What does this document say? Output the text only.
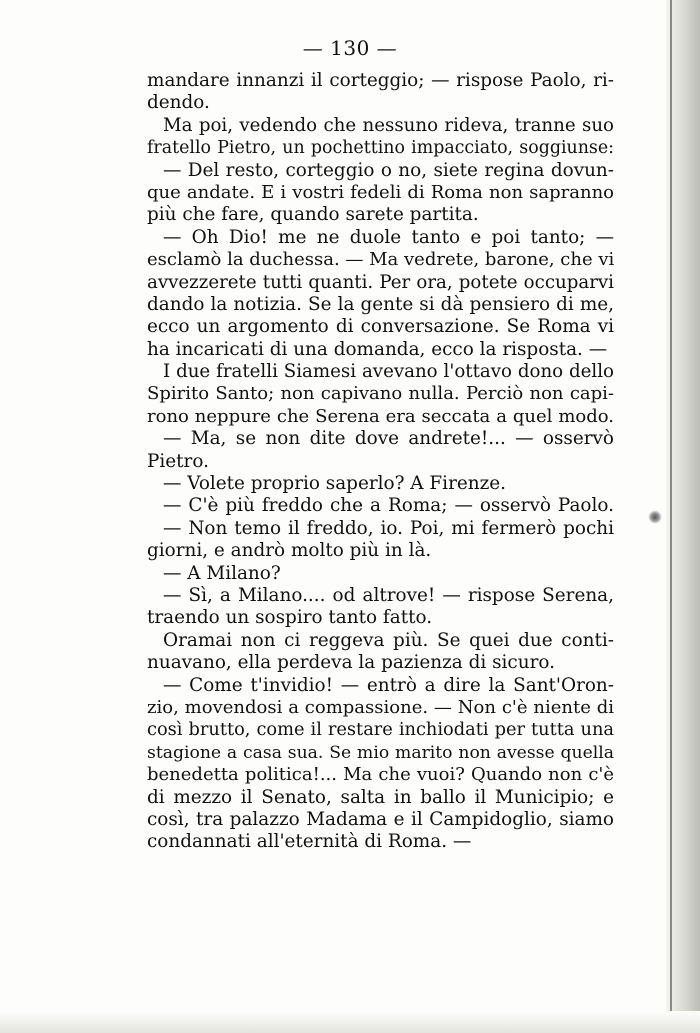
— 130 —
mandare innanzi il corteggio; — rispose Paolo, ri-
dendo.
Ma poi, vedendo che nessuno rideva, tranne suo
fratello Pietro, un pochettino impacciato, soggiunse:
— Del resto, corteggio o no, siete regina dovun-
que andate. E i vostri fedeli di Roma non sapranno
più che fare, quando sarete partita.
— Oh Dio! me ne duole tanto e poi tanto; —
esclamò la duchessa. — Ma vedrete, barone, che vi
avvezzerete tutti quanti. Per ora, potete occuparvi
dando la notizia. Se la gente si dà pensiero di me,
ecco un argomento di conversazione. Se Roma vi
ha incaricati di una domanda, ecco la risposta. —
I due fratelli Siamesi avevano l'ottavo dono dello
Spirito Santo; non capivano nulla. Perciò non capi-
rono neppure che Serena era seccata a quel modo.
— Ma, se non dite dove andrete!... — osservò
Pietro.
— Volete proprio saperlo? A Firenze.
— C'è più freddo che a Roma; — osservò Paolo.
— Non temo il freddo, io. Poi, mi fermerò pochi
giorni, e andrò molto più in là.
— A Milano?
— Sì, a Milano.... od altrove! — rispose Serena,
traendo un sospiro tanto fatto.
Oramai non ci reggeva più. Se quei due conti-
nuavano, ella perdeva la pazienza di sicuro.
— Come t'invidio! — entrò a dire la Sant'Oron-
zio, movendosi a compassione. — Non c'è niente di
così brutto, come il restare inchiodati per tutta una
stagione a casa sua. Se mio marito non avesse quella
benedetta politica!... Ma che vuoi? Quando non c'è
di mezzo il Senato, salta in ballo il Municipio; e
così, tra palazzo Madama e il Campidoglio, siamo
condannati all'eternità di Roma. —
